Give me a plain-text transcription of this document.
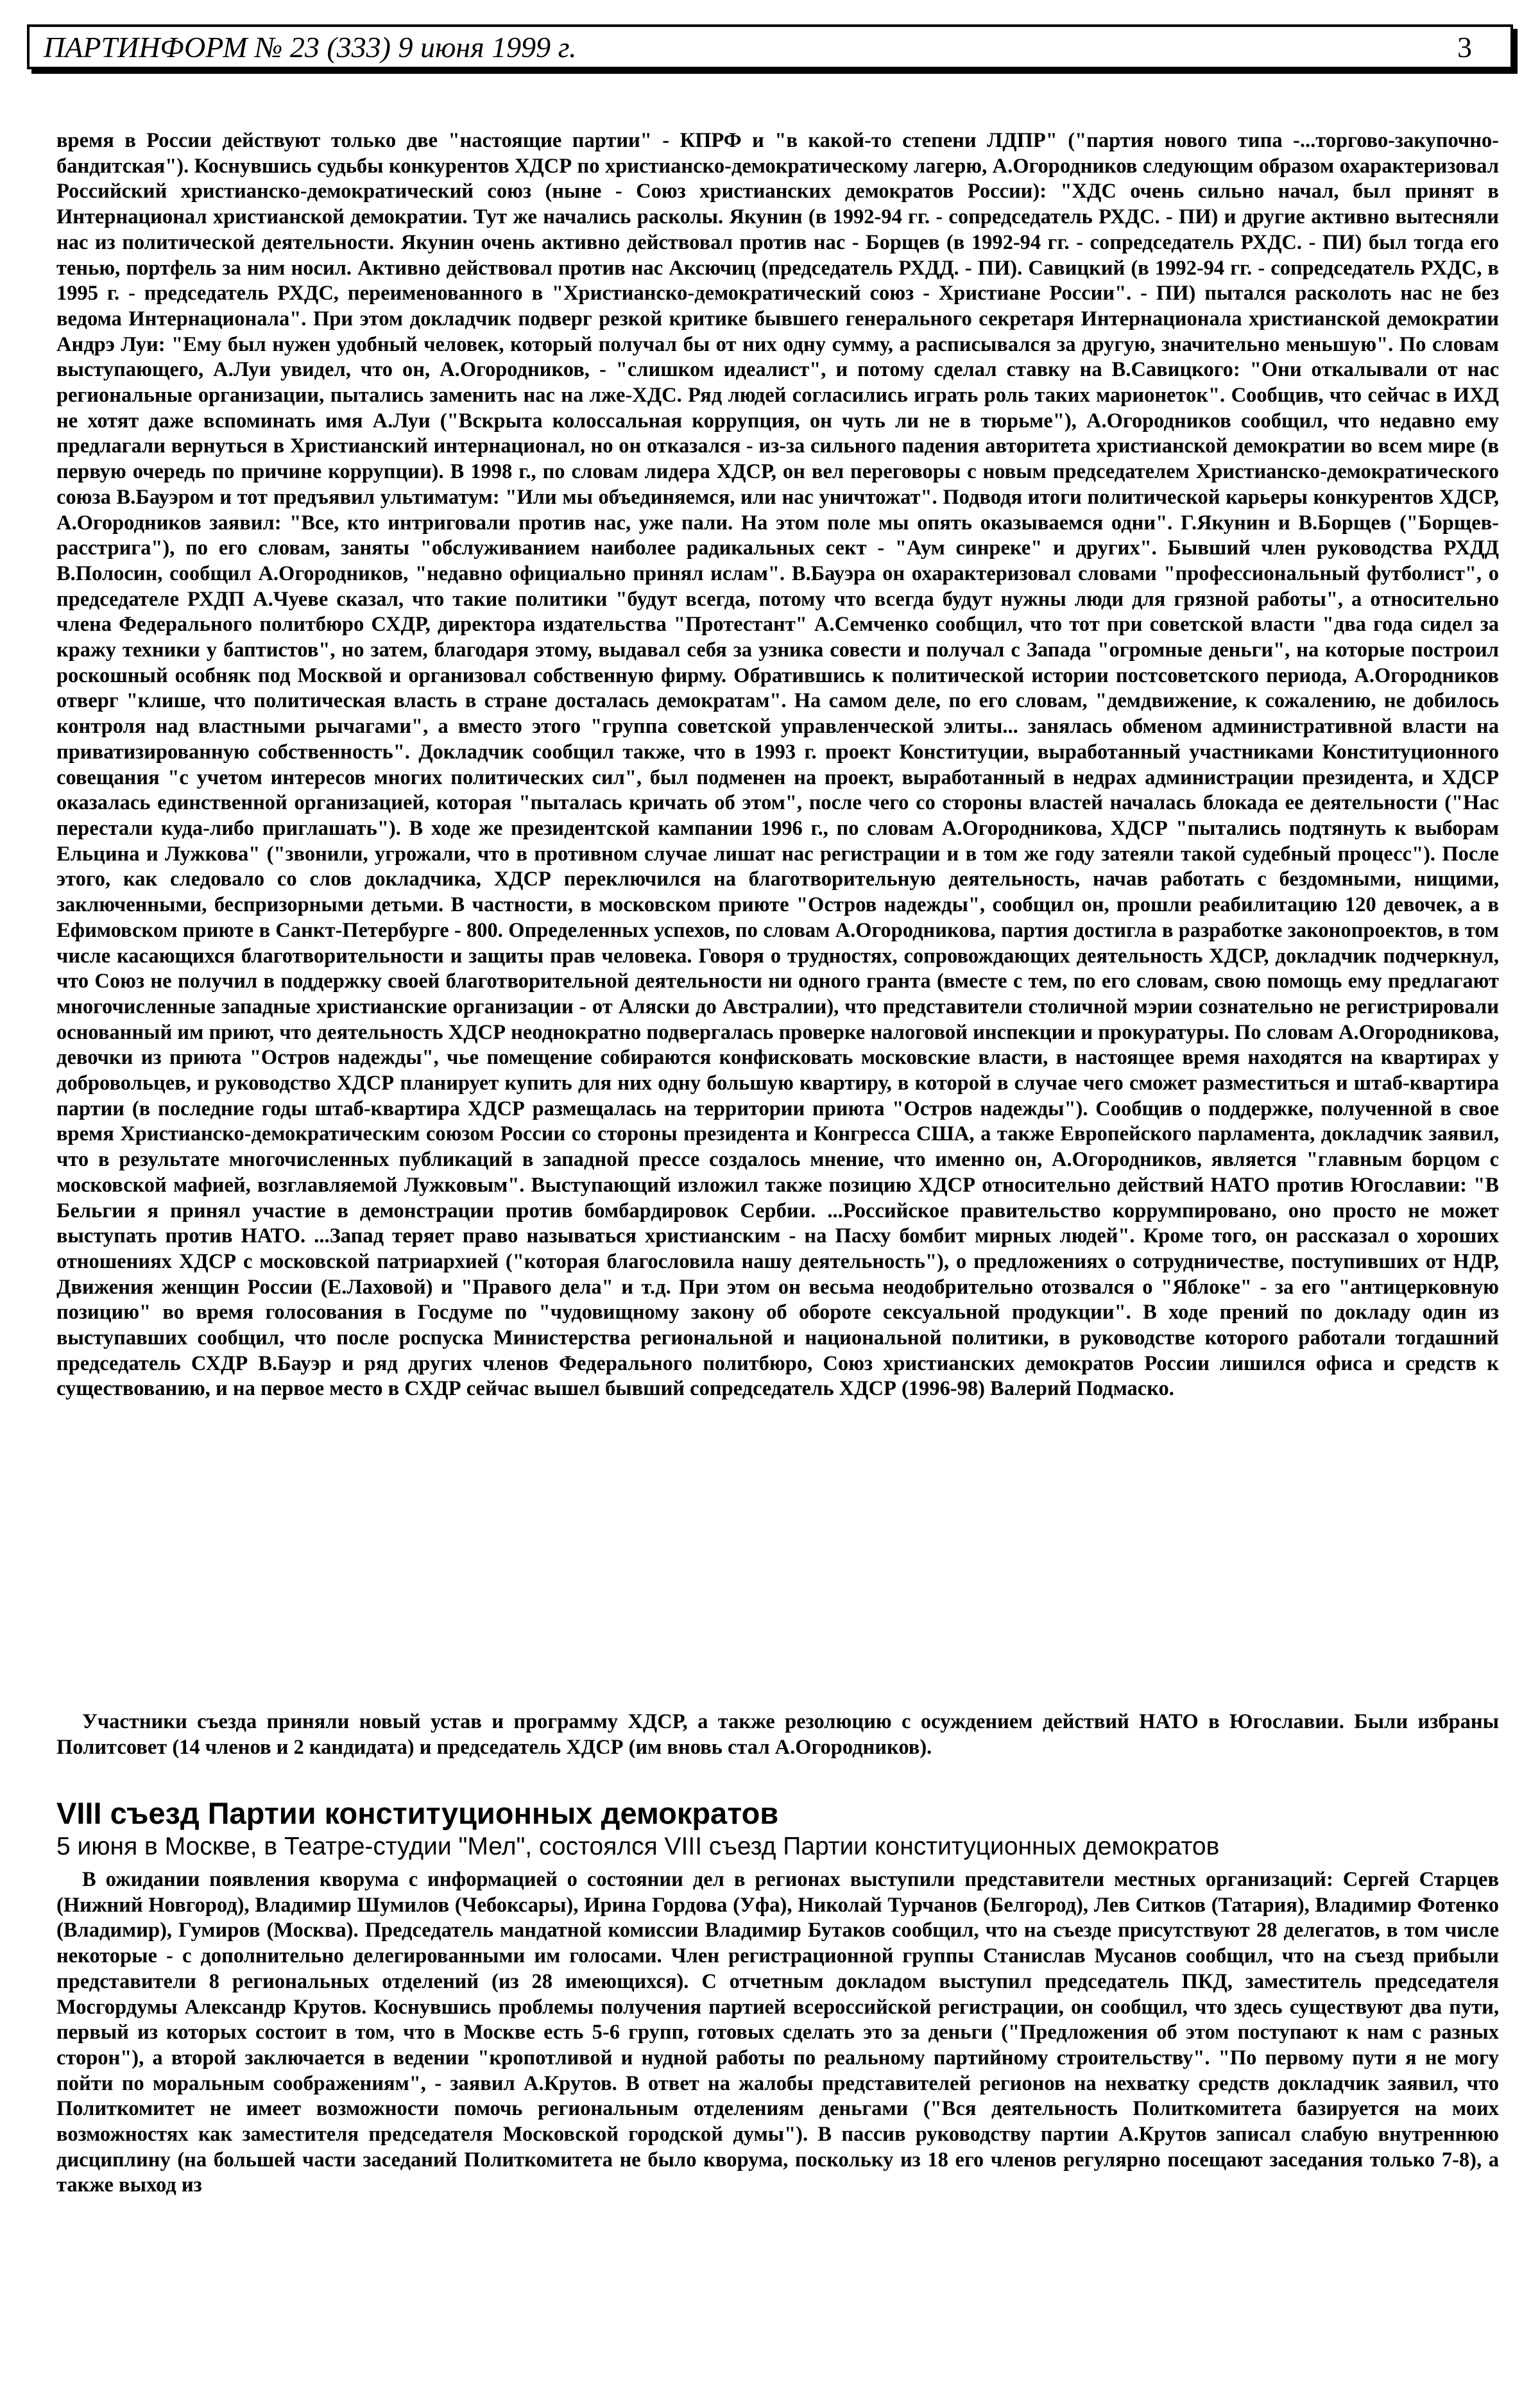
ПАРТИНФОРМ № 23 (333) 9 июня 1999 г.	3

время в России действуют только две "настоящие партии" - КПРФ и "в какой-то степени ЛДПР" ("партия нового типа -...торгово-закупочно-бандитская"). Коснувшись судьбы конкурентов ХДСР по христианско-демократическому лагерю, А.Огородников следующим образом охарактеризовал Российский христианско-демократический союз (ныне - Союз христианских демократов России): "ХДС очень сильно начал, был принят в Интернационал христианской демократии. Тут же начались расколы. Якунин (в 1992-94 гг. - сопредседатель РХДС. - ПИ) и другие активно вытесняли нас из политической деятельности. Якунин очень активно действовал против нас - Борщев (в 1992-94 гг. - сопредседатель РХДС. - ПИ) был тогда его тенью, портфель за ним носил. Активно действовал против нас Аксючиц (председатель РХДД. - ПИ). Савицкий (в 1992-94 гг. - сопредседатель РХДС, в 1995 г. - председатель РХДС, переименованного в "Христианско-демократический союз - Христиане России". - ПИ) пытался расколоть нас не без ведома Интернационала". При этом докладчик подверг резкой критике бывшего генерального секретаря Интернационала христианской демократии Андрэ Луи: "Ему был нужен удобный человек, который получал бы от них одну сумму, а расписывался за другую, значительно меньшую". По словам выступающего, А.Луи увидел, что он, А.Огородников, - "слишком идеалист", и потому сделал ставку на В.Савицкого: "Они откалывали от нас региональные организации, пытались заменить нас на лже-ХДС. Ряд людей согласились играть роль таких марионеток". Сообщив, что сейчас в ИХД не хотят даже вспоминать имя А.Луи ("Вскрыта колоссальная коррупция, он чуть ли не в тюрьме"), А.Огородников сообщил, что недавно ему предлагали вернуться в Христианский интернационал, но он отказался - из-за сильного падения авторитета христианской демократии во всем мире (в первую очередь по причине коррупции). В 1998 г., по словам лидера ХДСР, он вел переговоры с новым председателем Христианско-демократического союза В.Бауэром и тот предъявил ультиматум: "Или мы объединяемся, или нас уничтожат". Подводя итоги политической карьеры конкурентов ХДСР, А.Огородников заявил: "Все, кто интриговали против нас, уже пали. На этом поле мы опять оказываемся одни". Г.Якунин и В.Борщев ("Борщев-расстрига"), по его словам, заняты "обслуживанием наиболее радикальных сект - "Аум синреке" и других". Бывший член руководства РХДД В.Полосин, сообщил А.Огородников, "недавно официально принял ислам". В.Бауэра он охарактеризовал словами "профессиональный футболист", о председателе РХДП А.Чуеве сказал, что такие политики "будут всегда, потому что всегда будут нужны люди для грязной работы", а относительно члена Федерального политбюро СХДР, директора издательства "Протестант" А.Семченко сообщил, что тот при советской власти "два года сидел за кражу техники у баптистов", но затем, благодаря этому, выдавал себя за узника совести и получал с Запада "огромные деньги", на которые построил роскошный особняк под Москвой и организовал собственную фирму. Обратившись к политической истории постсоветского периода, А.Огородников отверг "клише, что политическая власть в стране досталась демократам". На самом деле, по его словам, "демдвижение, к сожалению, не добилось контроля над властными рычагами", а вместо этого "группа советской управленческой элиты... занялась обменом административной власти на приватизированную собственность". Докладчик сообщил также, что в 1993 г. проект Конституции, выработанный участниками Конституционного совещания "с учетом интересов многих политических сил", был подменен на проект, выработанный в недрах администрации президента, и ХДСР оказалась единственной организацией, которая "пыталась кричать об этом", после чего со стороны властей началась блокада ее деятельности ("Нас перестали куда-либо приглашать"). В ходе же президентской кампании 1996 г., по словам А.Огородникова, ХДСР "пытались подтянуть к выборам Ельцина и Лужкова" ("звонили, угрожали, что в противном случае лишат нас регистрации и в том же году затеяли такой судебный процесс"). После этого, как следовало со слов докладчика, ХДСР переключился на благотворительную деятельность, начав работать с бездомными, нищими, заключенными, беспризорными детьми. В частности, в московском приюте "Остров надежды", сообщил он, прошли реабилитацию 120 девочек, а в Ефимовском приюте в Санкт-Петербурге - 800. Определенных успехов, по словам А.Огородникова, партия достигла в разработке законопроектов, в том числе касающихся благотворительности и защиты прав человека. Говоря о трудностях, сопровождающих деятельность ХДСР, докладчик подчеркнул, что Союз не получил в поддержку своей благотворительной деятельности ни одного гранта (вместе с тем, по его словам, свою помощь ему предлагают многочисленные западные христианские организации - от Аляски до Австралии), что представители столичной мэрии сознательно не регистрировали основанный им приют, что деятельность ХДСР неоднократно подвергалась проверке налоговой инспекции и прокуратуры. По словам А.Огородникова, девочки из приюта "Остров надежды", чье помещение собираются конфисковать московские власти, в настоящее время находятся на квартирах у добровольцев, и руководство ХДСР планирует купить для них одну большую квартиру, в которой в случае чего сможет разместиться и штаб-квартира партии (в последние годы штаб-квартира ХДСР размещалась на территории приюта "Остров надежды"). Сообщив о поддержке, полученной в свое время Христианско-демократическим союзом России со стороны президента и Конгресса США, а также Европейского парламента, докладчик заявил, что в результате многочисленных публикаций в западной прессе создалось мнение, что именно он, А.Огородников, является "главным борцом с московской мафией, возглавляемой Лужковым". Выступающий изложил также позицию ХДСР относительно действий НАТО против Югославии: "В Бельгии я принял участие в демонстрации против бомбардировок Сербии. ...Российское правительство коррумпировано, оно просто не может выступать против НАТО. ...Запад теряет право называться христианским - на Пасху бомбит мирных людей". Кроме того, он рассказал о хороших отношениях ХДСР с московской патриархией ("которая благословила нашу деятельность"), о предложениях о сотрудничестве, поступивших от НДР, Движения женщин России (Е.Лаховой) и "Правого дела" и т.д. При этом он весьма неодобрительно отозвался о "Яблоке" - за его "антицерковную позицию" во время голосования в Госдуме по "чудовищному закону об обороте сексуальной продукции". В ходе прений по докладу один из выступавших сообщил, что после роспуска Министерства региональной и национальной политики, в руководстве которого работали тогдашний председатель СХДР В.Бауэр и ряд других членов Федерального политбюро, Союз христианских демократов России лишился офиса и средств к существованию, и на первое место в СХДР сейчас вышел бывший сопредседатель ХДСР (1996-98) Валерий Подмаско.

Участники съезда приняли новый устав и программу ХДСР, а также резолюцию с осуждением действий НАТО в Югославии. Были избраны Политсовет (14 членов и 2 кандидата) и председатель ХДСР (им вновь стал А.Огородников).

VIII съезд Партии конституционных демократов

5 июня в Москве, в Театре-студии "Мел", состоялся VIII съезд Партии конституционных демократов

В ожидании появления кворума с информацией о состоянии дел в регионах выступили представители местных организаций: Сергей Старцев (Нижний Новгород), Владимир Шумилов (Чебоксары), Ирина Гордова (Уфа), Николай Турчанов (Белгород), Лев Ситков (Татария), Владимир Фотенко (Владимир), Гумиров (Москва). Председатель мандатной комиссии Владимир Бутаков сообщил, что на съезде присутствуют 28 делегатов, в том числе некоторые - с дополнительно делегированными им голосами. Член регистрационной группы Станислав Мусанов сообщил, что на съезд прибыли представители 8 региональных отделений (из 28 имеющихся). С отчетным докладом выступил председатель ПКД, заместитель председателя Мосгордумы Александр Крутов. Коснувшись проблемы получения партией всероссийской регистрации, он сообщил, что здесь существуют два пути, первый из которых состоит в том, что в Москве есть 5-6 групп, готовых сделать это за деньги ("Предложения об этом поступают к нам с разных сторон"), а второй заключается в ведении "кропотливой и нудной работы по реальному партийному строительству". "По первому пути я не могу пойти по моральным соображениям", - заявил А.Крутов. В ответ на жалобы представителей регионов на нехватку средств докладчик заявил, что Политкомитет не имеет возможности помочь региональным отделениям деньгами ("Вся деятельность Политкомитета базируется на моих возможностях как заместителя председателя Московской городской думы"). В пассив руководству партии А.Крутов записал слабую внутреннюю дисциплину (на большей части заседаний Политкомитета не было кворума, поскольку из 18 его членов регулярно посещают заседания только 7-8), а также выход из
